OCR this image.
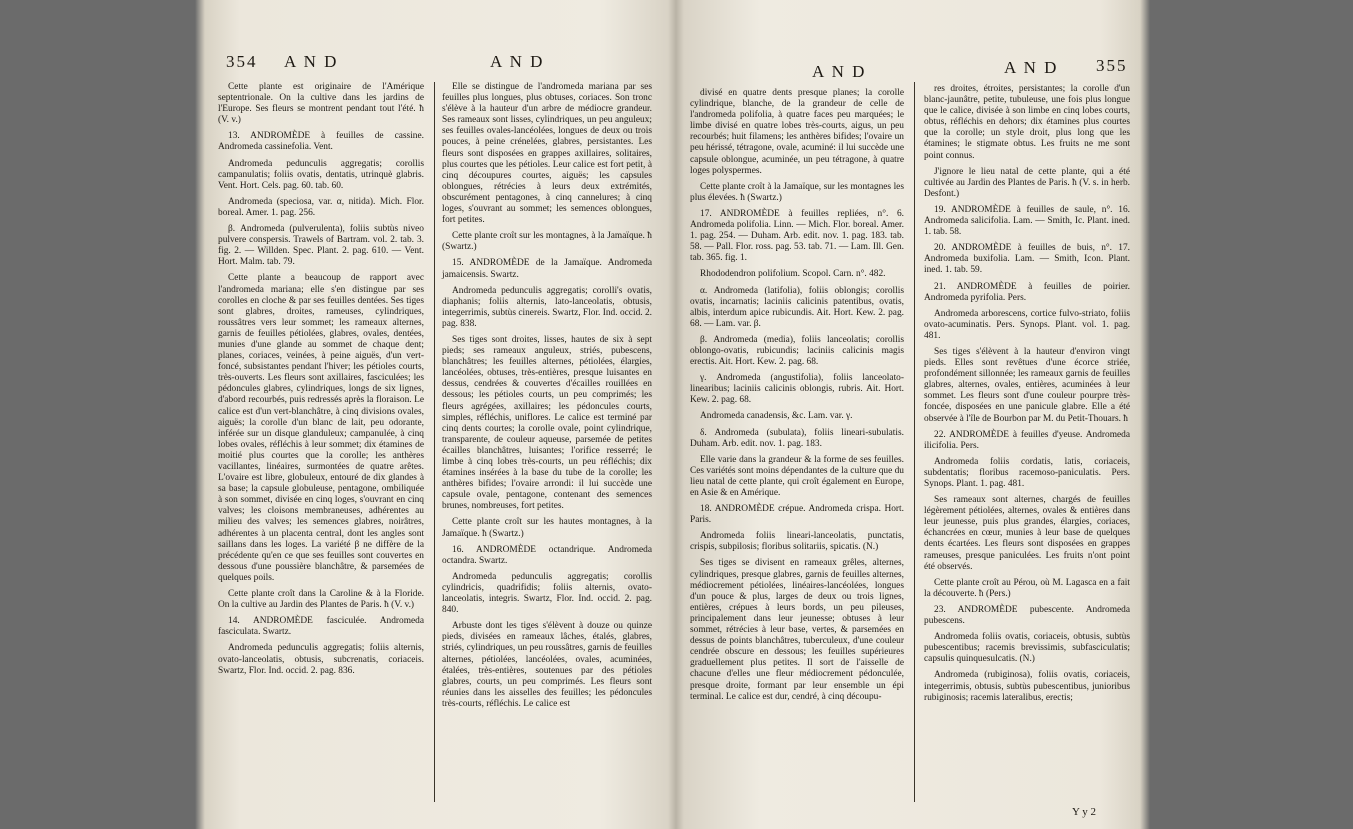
354 A N D	A N D

Cette plante est originaire de l'Amérique septentrionale. On la cultive dans les jardins de l'Europe. Ses fleurs se montrent pendant tout l'été. ħ (V. v.)

13. ANDROMÈDE à feuilles de cassine. Andromeda cassinefolia. Vent.

Andromeda pedunculis aggregatis; corollis campanulatis; foliis ovatis, dentatis, utrinquè glabris. Vent. Hort. Cels. pag. 60. tab. 60.

Andromeda (speciosa, var. α, nitida). Mich. Flor. boreal. Amer. 1. pag. 256.

β. Andromeda (pulverulenta), foliis subtùs niveo pulvere conspersis. Trawels of Bartram. vol. 2. tab. 3. fig. 2. — Willden. Spec. Plant. 2. pag. 610. — Vent. Hort. Malm. tab. 79.

Cette plante a beaucoup de rapport avec l'andromeda mariana; elle s'en distingue par ses corolles en cloche & par ses feuilles dentées. Ses tiges sont glabres, droites, rameuses, cylindriques, roussâtres vers leur sommet; les rameaux alternes, garnis de feuilles pétiolées, glabres, ovales, dentées, munies d'une glande au sommet de chaque dent; planes, coriaces, veinées, à peine aiguës, d'un vert-foncé, subsistantes pendant l'hiver; les pétioles courts, très-ouverts. Les fleurs sont axillaires, fasciculées; les pédoncules glabres, cylindriques, longs de six lignes, d'abord recourbés, puis redressés après la floraison. Le calice est d'un vert-blanchâtre, à cinq divisions ovales, aiguës; la corolle d'un blanc de lait, peu odorante, inférée sur un disque glanduleux; campanulée, à cinq lobes ovales, réfléchis à leur sommet; dix étamines de moitié plus courtes que la corolle; les anthères vacillantes, linéaires, surmontées de quatre arêtes. L'ovaire est libre, globuleux, entouré de dix glandes à sa base; la capsule globuleuse, pentagone, ombiliquée à son sommet, divisée en cinq loges, s'ouvrant en cinq valves; les cloisons membraneuses, adhérentes au milieu des valves; les semences glabres, noirâtres, adhérentes à un placenta central, dont les angles sont saillans dans les loges. La variété β ne diffère de la précédente qu'en ce que ses feuilles sont couvertes en dessous d'une poussière blanchâtre, & parsemées de quelques poils.

Cette plante croît dans la Caroline & à la Floride. On la cultive au Jardin des Plantes de Paris. ħ (V. v.)

14. ANDROMÈDE fasciculée. Andromeda fasciculata. Swartz.

Andromeda pedunculis aggregatis; foliis alternis, ovato-lanceolatis, obtusis, subcrenatis, coriaceis. Swartz, Flor. Ind. occid. 2. pag. 836.

Elle se distingue de l'andromeda mariana par ses feuilles plus longues, plus obtuses, coriaces. Son tronc s'élève à la hauteur d'un arbre de médiocre grandeur. Ses rameaux sont lisses, cylindriques, un peu anguleux; ses feuilles ovales-lancéolées, longues de deux ou trois pouces, à peine crénelées, glabres, persistantes. Les fleurs sont disposées en grappes axillaires, solitaires, plus courtes que les pétioles. Leur calice est fort petit, à cinq découpures courtes, aiguës; les capsules oblongues, rétrécies à leurs deux extrémités, obscurément pentagones, à cinq cannelures; à cinq loges, s'ouvrant au sommet; les semences oblongues, fort petites.

Cette plante croît sur les montagnes, à la Jamaïque. ħ (Swartz.)

15. ANDROMÈDE de la Jamaïque. Andromeda jamaicensis. Swartz.

Andromeda pedunculis aggregatis; corolli's ovatis, diaphanis; foliis alternis, lato-lanceolatis, obtusis, integerrimis, subtùs cinereis. Swartz, Flor. Ind. occid. 2. pag. 838.

Ses tiges sont droites, lisses, hautes de six à sept pieds; ses rameaux anguleux, striés, pubescens, blanchâtres; les feuilles alternes, pétiolées, élargies, lancéolées, obtuses, très-entières, presque luisantes en dessus, cendrées & couvertes d'écailles rouillées en dessous; les pétioles courts, un peu comprimés; les fleurs agrégées, axillaires; les pédoncules courts, simples, réfléchis, uniflores. Le calice est terminé par cinq dents courtes; la corolle ovale, point cylindrique, transparente, de couleur aqueuse, parsemée de petites écailles blanchâtres, luisantes; l'orifice resserré; le limbe à cinq lobes très-courts, un peu réfléchis; dix étamines insérées à la base du tube de la corolle; les anthères bifides; l'ovaire arrondi: il lui succède une capsule ovale, pentagone, contenant des semences brunes, nombreuses, fort petites.

Cette plante croît sur les hautes montagnes, à la Jamaïque. ħ (Swartz.)

16. ANDROMÈDE octandrique. Andromeda octandra. Swartz.

Andromeda pedunculis aggregatis; corollis cylindricis, quadrifidis; foliis alternis, ovato-lanceolatis, integris. Swartz, Flor. Ind. occid. 2. pag. 840.

Arbuste dont les tiges s'élèvent à douze ou quinze pieds, divisées en rameaux lâches, étalés, glabres, striés, cylindriques, un peu roussâtres, garnis de feuilles alternes, pétiolées, lancéolées, ovales, acuminées, étalées, très-entières, soutenues par des pétioles glabres, courts, un peu comprimés. Les fleurs sont réunies dans les aisselles des feuilles; les pédoncules très-courts, réfléchis. Le calice est

A N D	A N D 355

divisé en quatre dents presque planes; la corolle cylindrique, blanche, de la grandeur de celle de l'andromeda polifolia, à quatre faces peu marquées; le limbe divisé en quatre lobes très-courts, aigus, un peu recourbés; huit filamens; les anthères bifides; l'ovaire un peu hérissé, tétragone, ovale, acuminé: il lui succède une capsule oblongue, acuminée, un peu tétragone, à quatre loges polyspermes.

Cette plante croît à la Jamaïque, sur les montagnes les plus élevées. ħ (Swartz.)

17. ANDROMÈDE à feuilles repliées, n°. 6. Andromeda polifolia. Linn. — Mich. Flor. boreal. Amer. 1. pag. 254. — Duham. Arb. edit. nov. 1. pag. 183. tab. 58. — Pall. Flor. ross. pag. 53. tab. 71. — Lam. Ill. Gen. tab. 365. fig. 1.

Rhododendron polifolium. Scopol. Carn. n°. 482.

α. Andromeda (latifolia), foliis oblongis; corollis ovatis, incarnatis; laciniis calicinis patentibus, ovatis, albis, interdum apice rubicundis. Ait. Hort. Kew. 2. pag. 68. — Lam. var. β.

β. Andromeda (media), foliis lanceolatis; corollis oblongo-ovatis, rubicundis; laciniis calicinis magis erectis. Ait. Hort. Kew. 2. pag. 68.

γ. Andromeda (angustifolia), foliis lanceolato-linearibus; laciniis calicinis oblongis, rubris. Ait. Hort. Kew. 2. pag. 68.

Andromeda canadensis, &c. Lam. var. γ.

δ. Andromeda (subulata), foliis lineari-subulatis. Duham. Arb. edit. nov. 1. pag. 183.

Elle varie dans la grandeur & la forme de ses feuilles. Ces variétés sont moins dépendantes de la culture que du lieu natal de cette plante, qui croît également en Europe, en Asie & en Amérique.

18. ANDROMÈDE crépue. Andromeda crispa. Hort. Paris.

Andromeda foliis lineari-lanceolatis, punctatis, crispis, subpilosis; floribus solitariis, spicatis. (N.)

Ses tiges se divisent en rameaux grêles, alternes, cylindriques, presque glabres, garnis de feuilles alternes, médiocrement pétiolées, linéaires-lancéolées, longues d'un pouce & plus, larges de deux ou trois lignes, entières, crépues à leurs bords, un peu pileuses, principalement dans leur jeunesse; obtuses à leur sommet, rétrécies à leur base, vertes, & parsemées en dessus de points blanchâtres, tuberculeux, d'une couleur cendrée obscure en dessous; les feuilles supérieures graduellement plus petites. Il sort de l'aisselle de chacune d'elles une fleur médiocrement pédonculée, presque droite, formant par leur ensemble un épi terminal. Le calice est dur, cendré, à cinq découpu-

res droites, étroites, persistantes; la corolle d'un blanc-jaunâtre, petite, tubuleuse, une fois plus longue que le calice, divisée à son limbe en cinq lobes courts, obtus, réfléchis en dehors; dix étamines plus courtes que la corolle; un style droit, plus long que les étamines; le stigmate obtus. Les fruits ne me sont point connus.

J'ignore le lieu natal de cette plante, qui a été cultivée au Jardin des Plantes de Paris. ħ (V. s. in herb. Desfont.)

19. ANDROMÈDE à feuilles de saule, n°. 16. Andromeda salicifolia. Lam. — Smith, Ic. Plant. ined. 1. tab. 58.

20. ANDROMÈDE à feuilles de buis, n°. 17. Andromeda buxifolia. Lam. — Smith, Icon. Plant. ined. 1. tab. 59.

21. ANDROMÈDE à feuilles de poirier. Andromeda pyrifolia. Pers.

Andromeda arborescens, cortice fulvo-striato, foliis ovato-acuminatis. Pers. Synops. Plant. vol. 1. pag. 481.

Ses tiges s'élèvent à la hauteur d'environ vingt pieds. Elles sont revêtues d'une écorce striée, profondément sillonnée; les rameaux garnis de feuilles glabres, alternes, ovales, entières, acuminées à leur sommet. Les fleurs sont d'une couleur pourpre très-foncée, disposées en une panicule glabre. Elle a été observée à l'île de Bourbon par M. du Petit-Thouars. ħ

22. ANDROMÈDE à feuilles d'yeuse. Andromeda ilicifolia. Pers.

Andromeda foliis cordatis, latis, coriaceis, subdentatis; floribus racemoso-paniculatis. Pers. Synops. Plant. 1. pag. 481.

Ses rameaux sont alternes, chargés de feuilles légèrement pétiolées, alternes, ovales & entières dans leur jeunesse, puis plus grandes, élargies, coriaces, échancrées en cœur, munies à leur base de quelques dents écartées. Les fleurs sont disposées en grappes rameuses, presque paniculées. Les fruits n'ont point été observés.

Cette plante croît au Pérou, où M. Lagasca en a fait la découverte. ħ (Pers.)

23. ANDROMÈDE pubescente. Andromeda pubescens.

Andromeda foliis ovatis, coriaceis, obtusis, subtùs pubescentibus; racemis brevissimis, subfasciculatis; capsulis quinquesulcatis. (N.)

Andromeda (rubiginosa), foliis ovatis, coriaceis, integerrimis, obtusis, subtùs pubescentibus, junioribus rubiginosis; racemis lateralibus, erectis;

Y y 2
